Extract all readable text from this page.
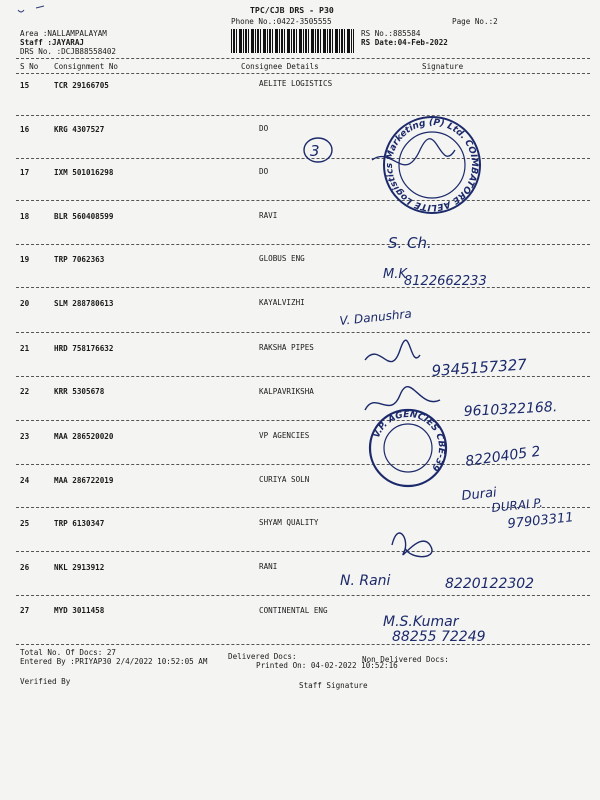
TPC/CJB DRS - P30
Phone No.:0422-3505555	Page No.:2
Area :NALLAMPALAYAM
Staff :JAYARAJ
DRS No. :DCJB88558402
RS No.:885584
RS Date:04-Feb-2022
S No Consignment No	Consignee Details	Signature
15	TCR 29166705	AELITE LOGISTICS
16	KRG 4307527	DO
17	IXM 501016298	DO
18	BLR 560408599	RAVI
19	TRP 7062363	GLOBUS ENG
20	SLM 288780613	KAYALVIZHI
21	HRD 758176632	RAKSHA PIPES
22	KRR 5305678	KALPAVRIKSHA
23	MAA 286520020	VP AGENCIES
24	MAA 286722019	CURIYA SOLN
25	TRP 6130347	SHYAM QUALITY
26	NKL 2913912	RANI
27	MYD 3011458	CONTINENTAL ENG
Total No. Of Docs: 27	Delivered Docs:	Non Delivered Docs:
Entered By :PRIYAP30 2/4/2022 10:52:05 AM	Printed On: 04-02-2022 10:52:16
Verified By	Staff Signature
3	Marketing (P) Ltd. COIMBATORE AELITE Logistics
S. Ch.
M.K
8122662233
V. Danushra
9345157327
9610322168.
V.P. AGENCIES CBE-39	8220405 2
Durai
DURAI P.
97903311
N. Rani	8220122302
M.S.Kumar
88255 72249
